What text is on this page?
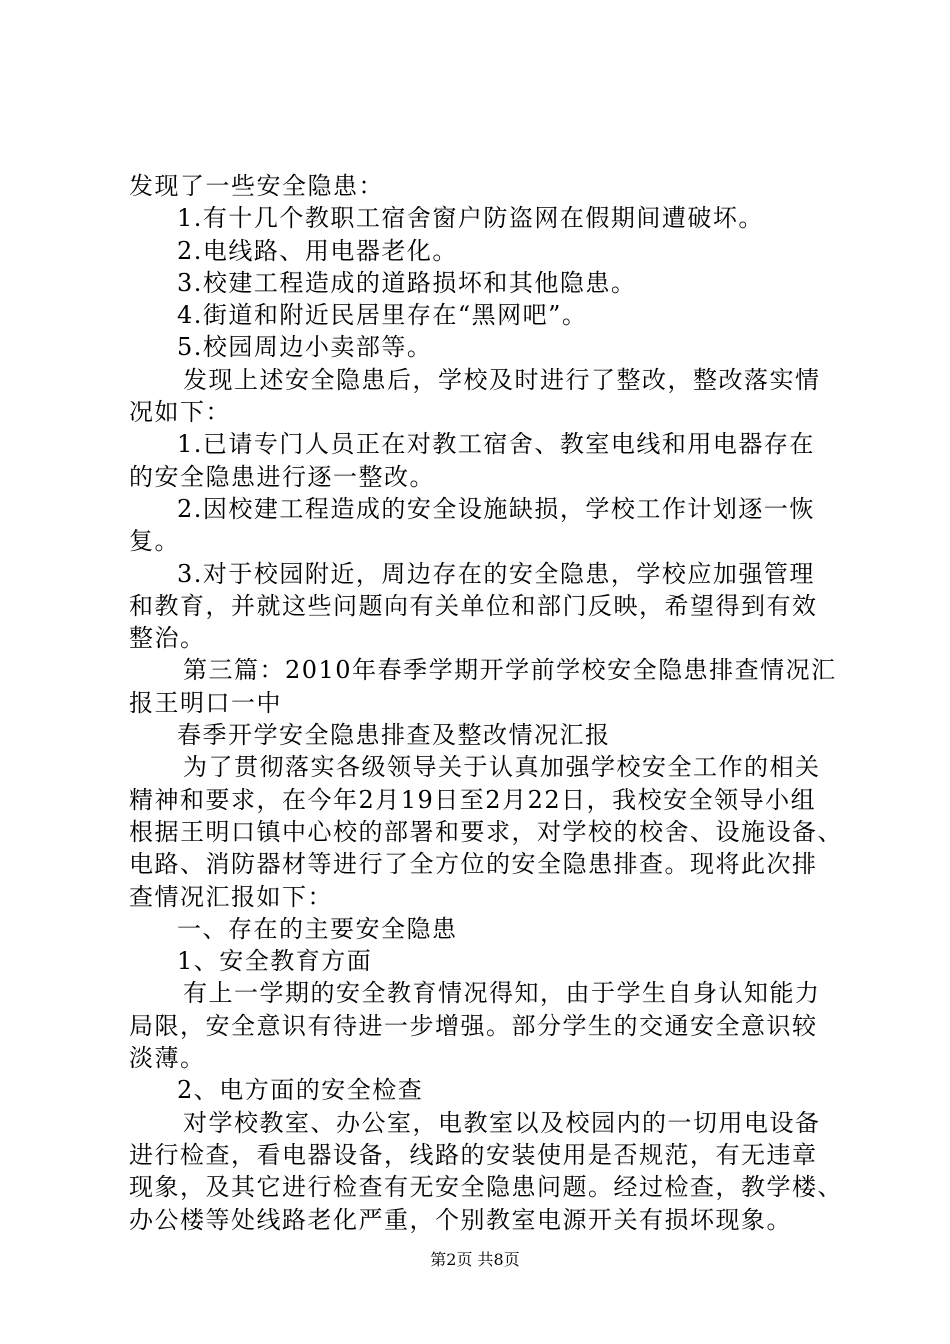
发现了一些安全隐患：
1.有十几个教职工宿舍窗户防盗网在假期间遭破坏。
2.电线路、用电器老化。
3.校建工程造成的道路损坏和其他隐患。
4.街道和附近民居里存在“黑网吧”。
5.校园周边小卖部等。
发现上述安全隐患后，学校及时进行了整改，整改落实情
况如下：
1.已请专门人员正在对教工宿舍、教室电线和用电器存在
的安全隐患进行逐一整改。
2.因校建工程造成的安全设施缺损，学校工作计划逐一恢
复。
3.对于校园附近，周边存在的安全隐患，学校应加强管理
和教育，并就这些问题向有关单位和部门反映，希望得到有效
整治。
第三篇：2010年春季学期开学前学校安全隐患排查情况汇
报王明口一中
春季开学安全隐患排查及整改情况汇报
为了贯彻落实各级领导关于认真加强学校安全工作的相关
精神和要求，在今年2月19日至2月22日，我校安全领导小组
根据王明口镇中心校的部署和要求，对学校的校舍、设施设备、
电路、消防器材等进行了全方位的安全隐患排查。现将此次排
查情况汇报如下：
一、存在的主要安全隐患
1、安全教育方面
有上一学期的安全教育情况得知，由于学生自身认知能力
局限，安全意识有待进一步增强。部分学生的交通安全意识较
淡薄。
2、电方面的安全检查
对学校教室、办公室，电教室以及校园内的一切用电设备
进行检查，看电器设备，线路的安装使用是否规范，有无违章
现象，及其它进行检查有无安全隐患问题。经过检查，教学楼、
办公楼等处线路老化严重，个别教室电源开关有损坏现象。
第2页 共8页
